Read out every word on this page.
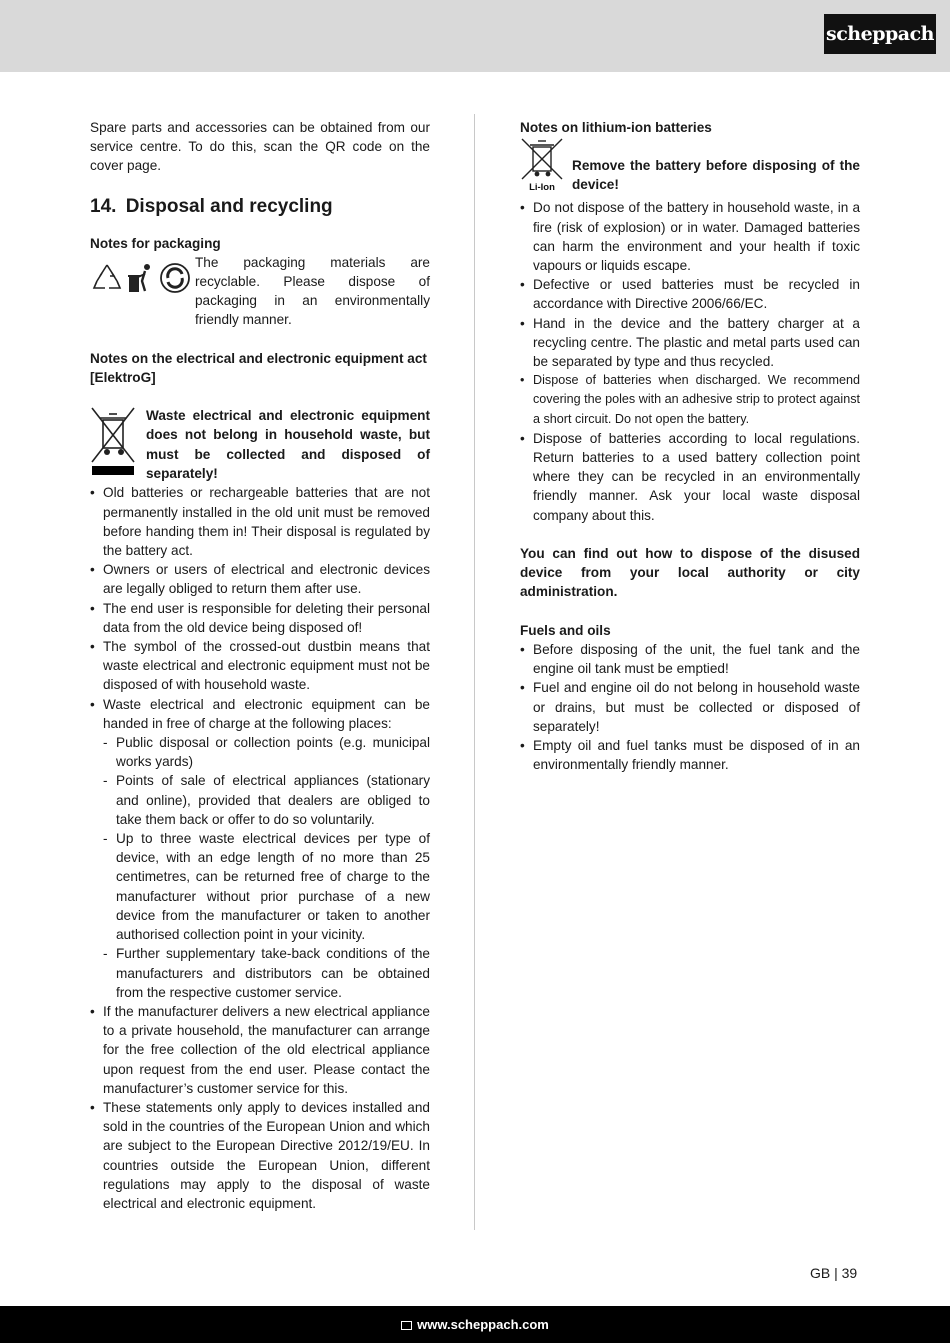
scheppach

Spare parts and accessories can be obtained from our service centre. To do this, scan the QR code on the cover page.

14. Disposal and recycling

Notes for packaging

The packaging materials are recyclable. Please dispose of packaging in an environmentally friendly manner.

Notes on the electrical and electronic equipment act [ElektroG]

Waste electrical and electronic equipment does not belong in household waste, but must be collected and disposed of separately!

• Old batteries or rechargeable batteries that are not permanently installed in the old unit must be removed before handing them in! Their disposal is regulated by the battery act.
• Owners or users of electrical and electronic devices are legally obliged to return them after use.
• The end user is responsible for deleting their personal data from the old device being disposed of!
• The symbol of the crossed-out dustbin means that waste electrical and electronic equipment must not be disposed of with household waste.
• Waste electrical and electronic equipment can be handed in free of charge at the following places:
- Public disposal or collection points (e.g. municipal works yards)
- Points of sale of electrical appliances (stationary and online), provided that dealers are obliged to take them back or offer to do so voluntarily.
- Up to three waste electrical devices per type of device, with an edge length of no more than 25 centimetres, can be returned free of charge to the manufacturer without prior purchase of a new device from the manufacturer or taken to another authorised collection point in your vicinity.
- Further supplementary take-back conditions of the manufacturers and distributors can be obtained from the respective customer service.
• If the manufacturer delivers a new electrical appliance to a private household, the manufacturer can arrange for the free collection of the old electrical appliance upon request from the end user. Please contact the manufacturer’s customer service for this.
• These statements only apply to devices installed and sold in the countries of the European Union and which are subject to the European Directive 2012/19/EU. In countries outside the European Union, different regulations may apply to the disposal of waste electrical and electronic equipment.

Notes on lithium-ion batteries

Li-Ion

Remove the battery before disposing of the device!

• Do not dispose of the battery in household waste, in a fire (risk of explosion) or in water. Damaged batteries can harm the environment and your health if toxic vapours or liquids escape.
• Defective or used batteries must be recycled in accordance with Directive 2006/66/EC.
• Hand in the device and the battery charger at a recycling centre. The plastic and metal parts used can be separated by type and thus recycled.
• Dispose of batteries when discharged. We recommend covering the poles with an adhesive strip to protect against a short circuit. Do not open the battery.
• Dispose of batteries according to local regulations. Return batteries to a used battery collection point where they can be recycled in an environmentally friendly manner. Ask your local waste disposal company about this.

You can find out how to dispose of the disused device from your local authority or city administration.

Fuels and oils

• Before disposing of the unit, the fuel tank and the engine oil tank must be emptied!
• Fuel and engine oil do not belong in household waste or drains, but must be collected or disposed of separately!
• Empty oil and fuel tanks must be disposed of in an environmentally friendly manner.
GB | 39
www.scheppach.com
